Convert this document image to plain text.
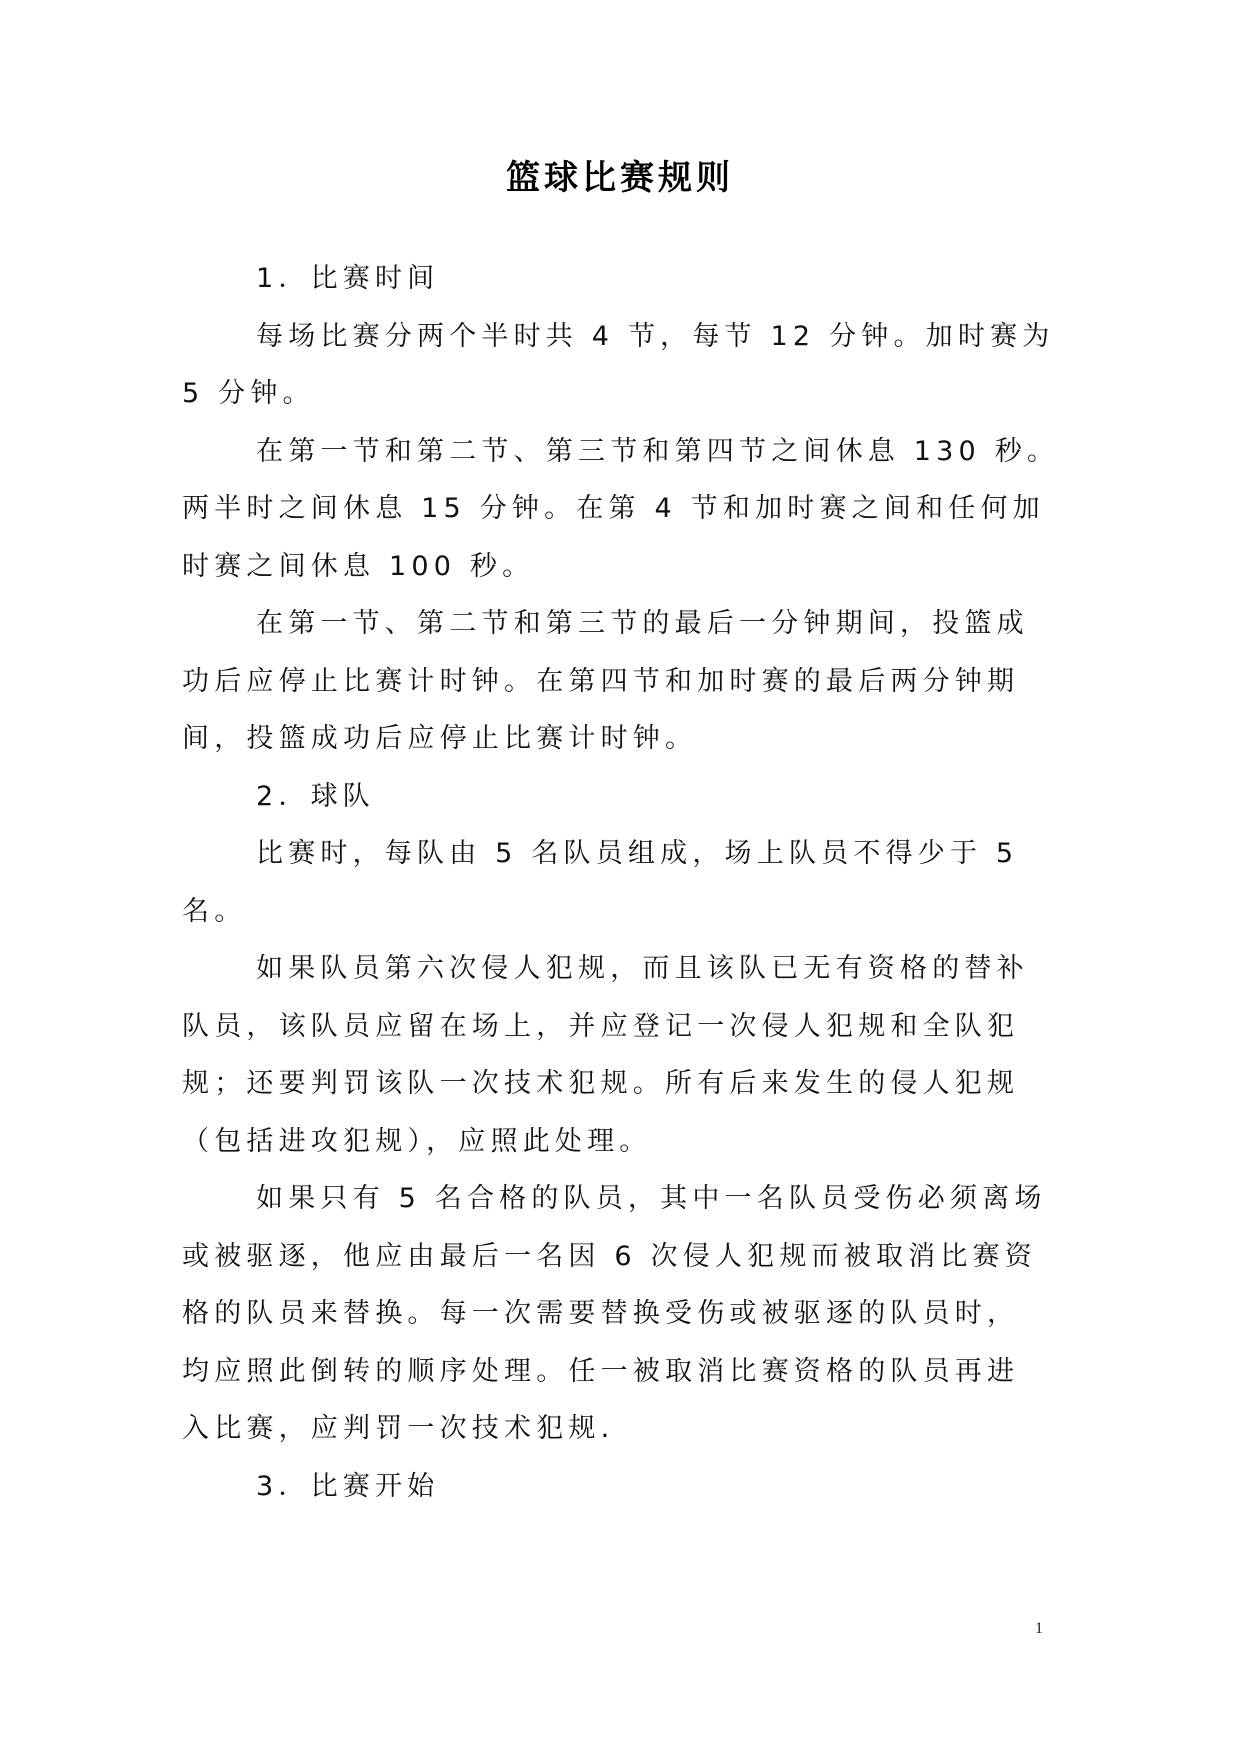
篮球比赛规则
1．比赛时间
每场比赛分两个半时共 4 节，每节 12 分钟。加时赛为
5 分钟。
在第一节和第二节、第三节和第四节之间休息 130 秒。
两半时之间休息 15 分钟。在第 4 节和加时赛之间和任何加
时赛之间休息 100 秒。
在第一节、第二节和第三节的最后一分钟期间，投篮成
功后应停止比赛计时钟。在第四节和加时赛的最后两分钟期
间，投篮成功后应停止比赛计时钟。
2．球队
比赛时，每队由 5 名队员组成，场上队员不得少于 5
名。
如果队员第六次侵人犯规，而且该队已无有资格的替补
队员，该队员应留在场上，并应登记一次侵人犯规和全队犯
规；还要判罚该队一次技术犯规。所有后来发生的侵人犯规
（包括进攻犯规），应照此处理。
如果只有 5 名合格的队员，其中一名队员受伤必须离场
或被驱逐，他应由最后一名因 6 次侵人犯规而被取消比赛资
格的队员来替换。每一次需要替换受伤或被驱逐的队员时，
均应照此倒转的顺序处理。任一被取消比赛资格的队员再进
入比赛，应判罚一次技术犯规.
3．比赛开始
1
